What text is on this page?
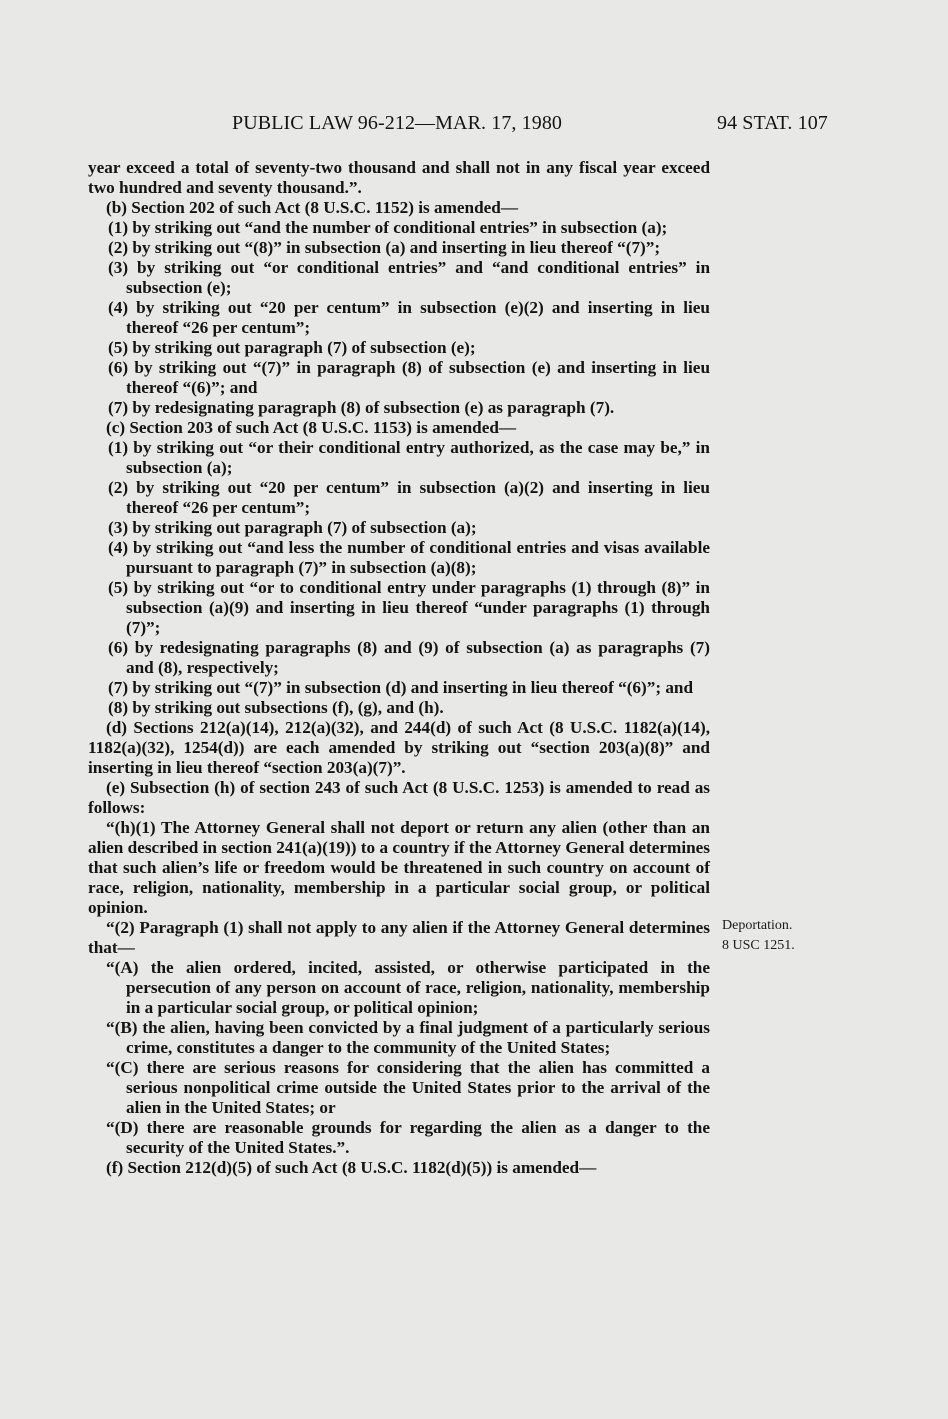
PUBLIC LAW 96-212—MAR. 17, 1980	94 STAT. 107

year exceed a total of seventy-two thousand and shall not in any fiscal year exceed two hundred and seventy thousand.”.

(b) Section 202 of such Act (8 U.S.C. 1152) is amended—

(1) by striking out “and the number of conditional entries” in subsection (a);

(2) by striking out “(8)” in subsection (a) and inserting in lieu thereof “(7)”;

(3) by striking out “or conditional entries” and “and conditional entries” in subsection (e);

(4) by striking out “20 per centum” in subsection (e)(2) and inserting in lieu thereof “26 per centum”;

(5) by striking out paragraph (7) of subsection (e);

(6) by striking out “(7)” in paragraph (8) of subsection (e) and inserting in lieu thereof “(6)”; and

(7) by redesignating paragraph (8) of subsection (e) as paragraph (7).

(c) Section 203 of such Act (8 U.S.C. 1153) is amended—

(1) by striking out “or their conditional entry authorized, as the case may be,” in subsection (a);

(2) by striking out “20 per centum” in subsection (a)(2) and inserting in lieu thereof “26 per centum”;

(3) by striking out paragraph (7) of subsection (a);

(4) by striking out “and less the number of conditional entries and visas available pursuant to paragraph (7)” in subsection (a)(8);

(5) by striking out “or to conditional entry under paragraphs (1) through (8)” in subsection (a)(9) and inserting in lieu thereof “under paragraphs (1) through (7)”;

(6) by redesignating paragraphs (8) and (9) of subsection (a) as paragraphs (7) and (8), respectively;

(7) by striking out “(7)” in subsection (d) and inserting in lieu thereof “(6)”; and

(8) by striking out subsections (f), (g), and (h).

(d) Sections 212(a)(14), 212(a)(32), and 244(d) of such Act (8 U.S.C. 1182(a)(14), 1182(a)(32), 1254(d)) are each amended by striking out “section 203(a)(8)” and inserting in lieu thereof “section 203(a)(7)”.

(e) Subsection (h) of section 243 of such Act (8 U.S.C. 1253) is amended to read as follows:

“(h)(1) The Attorney General shall not deport or return any alien (other than an alien described in section 241(a)(19)) to a country if the Attorney General determines that such alien’s life or freedom would be threatened in such country on account of race, religion, nationality, membership in a particular social group, or political opinion.

“(2) Paragraph (1) shall not apply to any alien if the Attorney General determines that—

“(A) the alien ordered, incited, assisted, or otherwise participated in the persecution of any person on account of race, religion, nationality, membership in a particular social group, or political opinion;

“(B) the alien, having been convicted by a final judgment of a particularly serious crime, constitutes a danger to the community of the United States;

“(C) there are serious reasons for considering that the alien has committed a serious nonpolitical crime outside the United States prior to the arrival of the alien in the United States; or

“(D) there are reasonable grounds for regarding the alien as a danger to the security of the United States.”.

(f) Section 212(d)(5) of such Act (8 U.S.C. 1182(d)(5)) is amended—

Deportation.
8 USC 1251.
